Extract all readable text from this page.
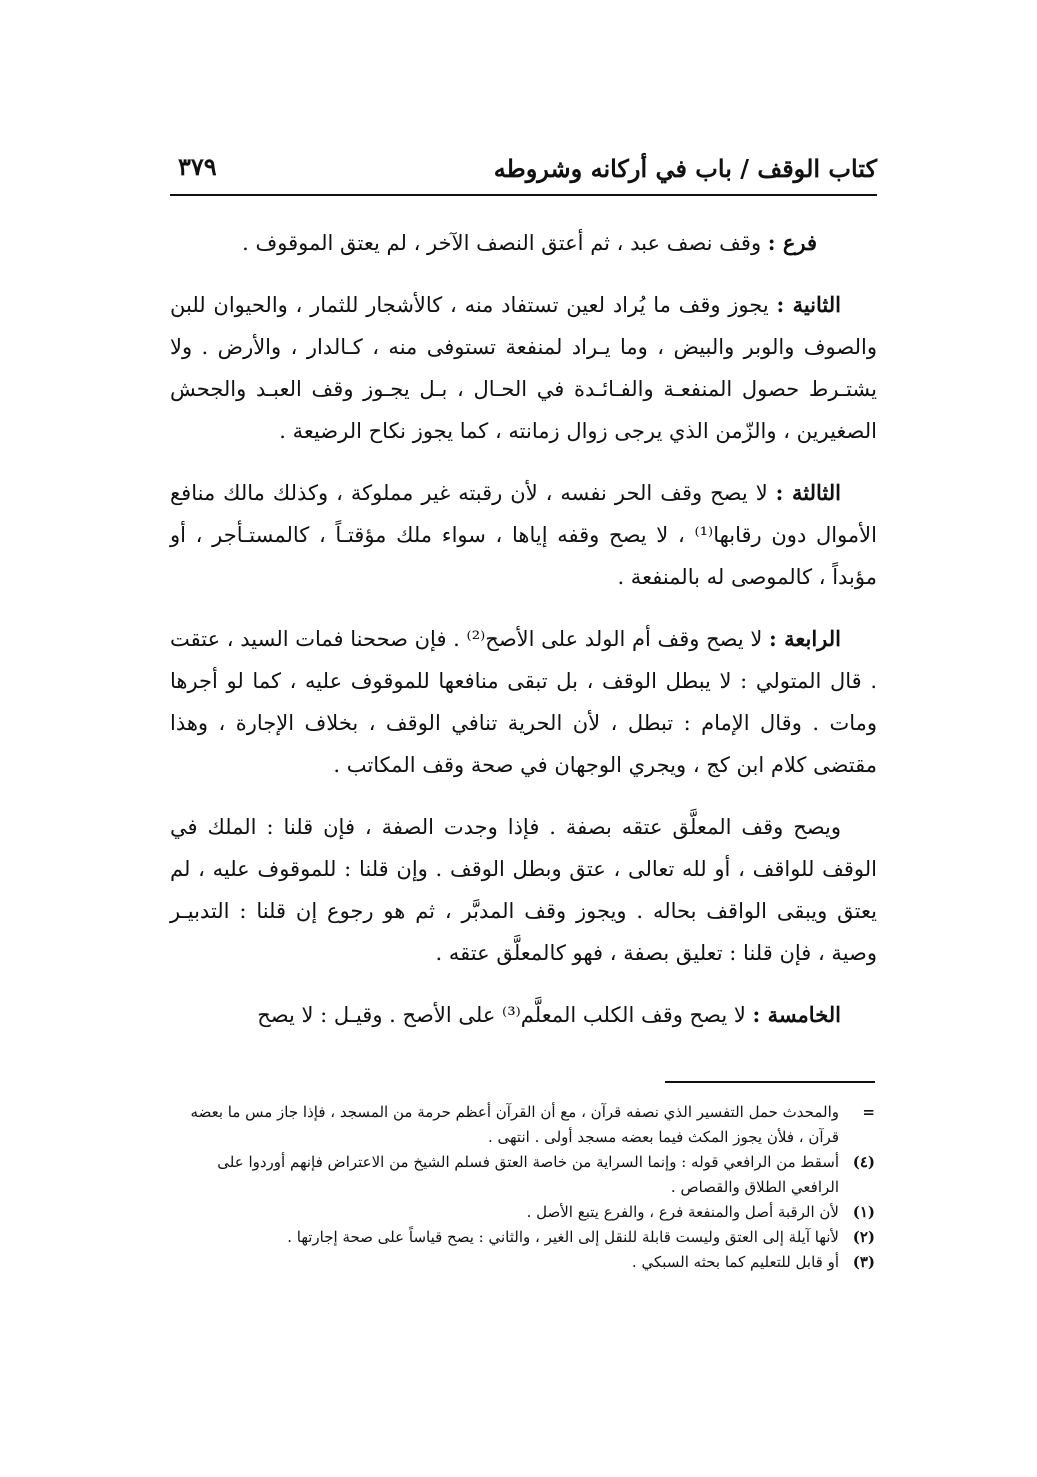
كتاب الوقف / باب في أركانه وشروطه
٣٧٩

فرع : وقف نصف عبد ، ثم أعتق النصف الآخر ، لم يعتق الموقوف .

الثانية : يجوز وقف ما يُراد لعين تستفاد منه ، كالأشجار للثمار ، والحيوان للبن والصوف والوبر والبيض ، وما يـراد لمنفعة تستوفى منه ، كـالدار ، والأرض . ولا يشتـرط حصول المنفعـة والفـائـدة في الحـال ، بـل يجـوز وقف العبـد والجحش الصغيرين ، والزّمن الذي يرجى زوال زمانته ، كما يجوز نكاح الرضيعة .

الثالثة : لا يصح وقف الحر نفسه ، لأن رقبته غير مملوكة ، وكذلك مالك منافع الأموال دون رقابها⁽¹⁾ ، لا يصح وقفه إياها ، سواء ملك مؤقتـاً ، كالمستـأجر ، أو مؤبداً ، كالموصى له بالمنفعة .

الرابعة : لا يصح وقف أم الولد على الأصح⁽²⁾ . فإن صححنا فمات السيد ، عتقت . قال المتولي : لا يبطل الوقف ، بل تبقى منافعها للموقوف عليه ، كما لو أجرها ومات . وقال الإمام : تبطل ، لأن الحرية تنافي الوقف ، بخلاف الإجارة ، وهذا مقتضى كلام ابن كج ، ويجري الوجهان في صحة وقف المكاتب .

ويصح وقف المعلَّق عتقه بصفة . فإذا وجدت الصفة ، فإن قلنا : الملك في الوقف للواقف ، أو لله تعالى ، عتق وبطل الوقف . وإن قلنا : للموقوف عليه ، لم يعتق ويبقى الواقف بحاله . ويجوز وقف المدبَّر ، ثم هو رجوع إن قلنا : التدبيـر وصية ، فإن قلنا : تعليق بصفة ، فهو كالمعلَّق عتقه .

الخامسة : لا يصح وقف الكلب المعلَّم⁽³⁾ على الأصح . وقيـل : لا يصح

=
والمحدث حمل التفسير الذي نصفه قرآن ، مع أن القرآن أعظم حرمة من المسجد ، فإذا جاز مس ما بعضه قرآن ، فلأن يجوز المكث فيما بعضه مسجد أولى . انتهى .
(٤)
أسقط من الرافعي قوله : وإنما السراية من خاصة العتق فسلم الشيخ من الاعتراض فإنهم أوردوا على الرافعي الطلاق والقصاص .
(١)
لأن الرقبة أصل والمنفعة فرع ، والفرع يتبع الأصل .
(٢)
لأنها آيلة إلى العتق وليست قابلة للنقل إلى الغير ، والثاني : يصح قياساً على صحة إجارتها .
(٣)
أو قابل للتعليم كما بحثه السبكي .
